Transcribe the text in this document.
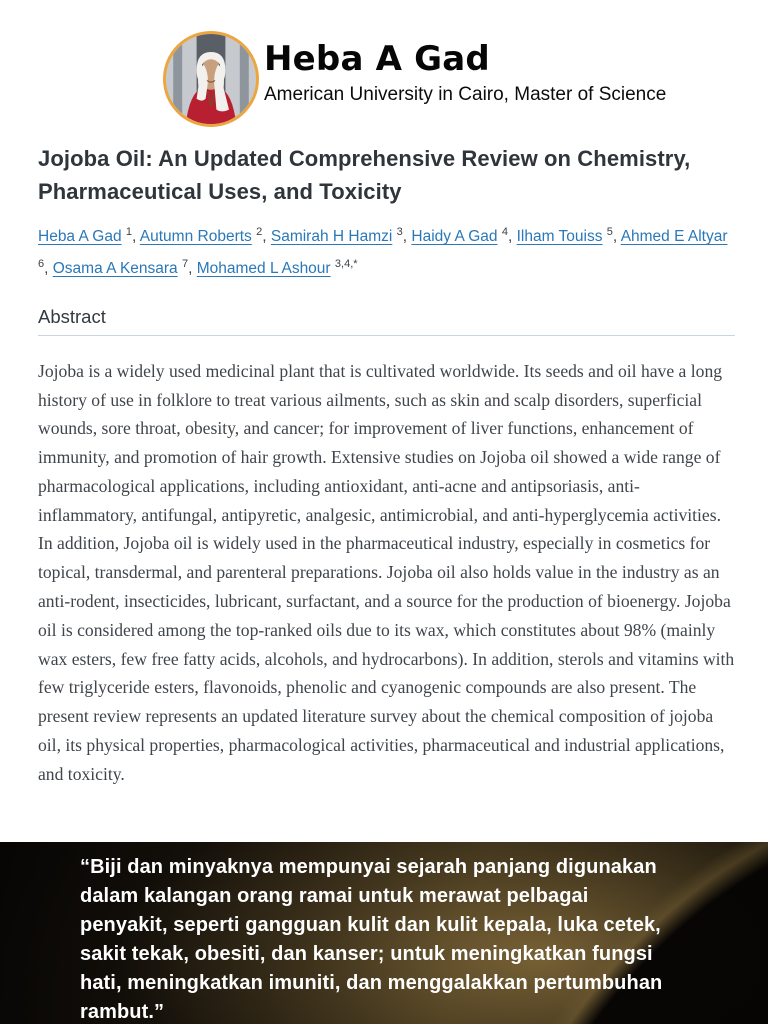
Heba A Gad
American University in Cairo, Master of Science
Jojoba Oil: An Updated Comprehensive Review on Chemistry, Pharmaceutical Uses, and Toxicity

Heba A Gad $^1$, Autumn Roberts $^2$, Samirah H Hamzi $^3$, Haidy A Gad $^4$, Ilham Touiss $^5$, Ahmed E Altyar $^6$, Osama A Kensara $^7$, Mohamed L Ashour $^{3,4,*}$

Abstract

Jojoba is a widely used medicinal plant that is cultivated worldwide. Its seeds and oil have a long history of use in folklore to treat various ailments, such as skin and scalp disorders, superficial wounds, sore throat, obesity, and cancer; for improvement of liver functions, enhancement of immunity, and promotion of hair growth. Extensive studies on Jojoba oil showed a wide range of pharmacological applications, including antioxidant, anti-acne and antipsoriasis, anti-inflammatory, antifungal, antipyretic, analgesic, antimicrobial, and anti-hyperglycemia activities. In addition, Jojoba oil is widely used in the pharmaceutical industry, especially in cosmetics for topical, transdermal, and parenteral preparations. Jojoba oil also holds value in the industry as an anti-rodent, insecticides, lubricant, surfactant, and a source for the production of bioenergy. Jojoba oil is considered among the top-ranked oils due to its wax, which constitutes about 98% (mainly wax esters, few free fatty acids, alcohols, and hydrocarbons). In addition, sterols and vitamins with few triglyceride esters, flavonoids, phenolic and cyanogenic compounds are also present. The present review represents an updated literature survey about the chemical composition of jojoba oil, its physical properties, pharmacological activities, pharmaceutical and industrial applications, and toxicity.

“Biji dan minyaknya mempunyai sejarah panjang digunakan dalam kalangan orang ramai untuk merawat pelbagai penyakit, seperti gangguan kulit dan kulit kepala, luka cetek, sakit tekak, obesiti, dan kanser; untuk meningkatkan fungsi hati, meningkatkan imuniti, dan menggalakkan pertumbuhan rambut.”
